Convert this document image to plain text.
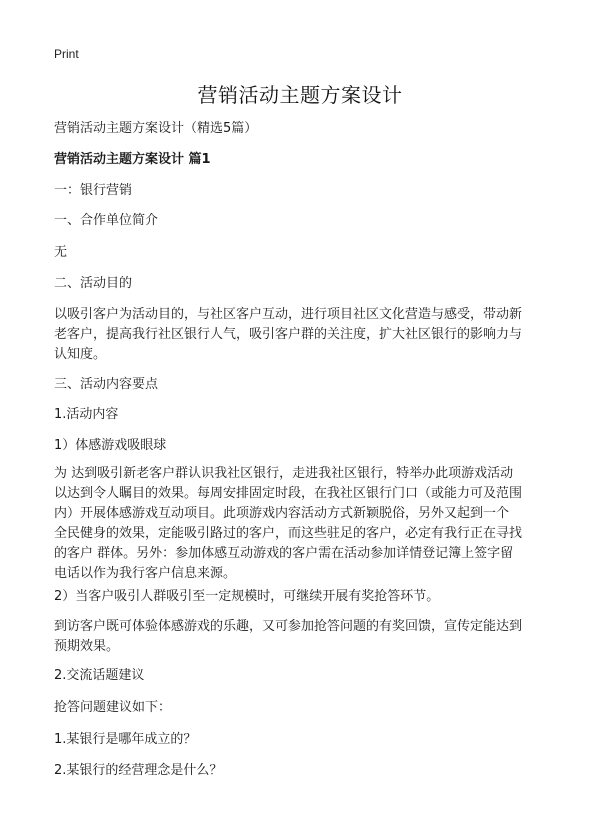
Print
营销活动主题方案设计
营销活动主题方案设计（精选5篇）
营销活动主题方案设计 篇1
一：银行营销
一、合作单位简介
无
二、活动目的
以吸引客户为活动目的，与社区客户互动，进行项目社区文化营造与感受，带动新
老客户，提高我行社区银行人气，吸引客户群的关注度，扩大社区银行的影响力与
认知度。
三、活动内容要点
1.活动内容
1）体感游戏吸眼球
为 达到吸引新老客户群认识我社区银行，走进我社区银行，特举办此项游戏活动
以达到令人瞩目的效果。每周安排固定时段，在我社区银行门口（或能力可及范围
内）开展体感游戏互动项目。此项游戏内容活动方式新颖脱俗，另外又起到一个
全民健身的效果，定能吸引路过的客户，而这些驻足的客户，必定有我行正在寻找
的客户 群体。另外：参加体感互动游戏的客户需在活动参加详情登记簿上签字留
电话以作为我行客户信息来源。
2）当客户吸引人群吸引至一定规模时，可继续开展有奖抢答环节。
到访客户既可体验体感游戏的乐趣，又可参加抢答问题的有奖回馈，宣传定能达到
预期效果。
2.交流话题建议
抢答问题建议如下：
1.某银行是哪年成立的？
2.某银行的经营理念是什么？
